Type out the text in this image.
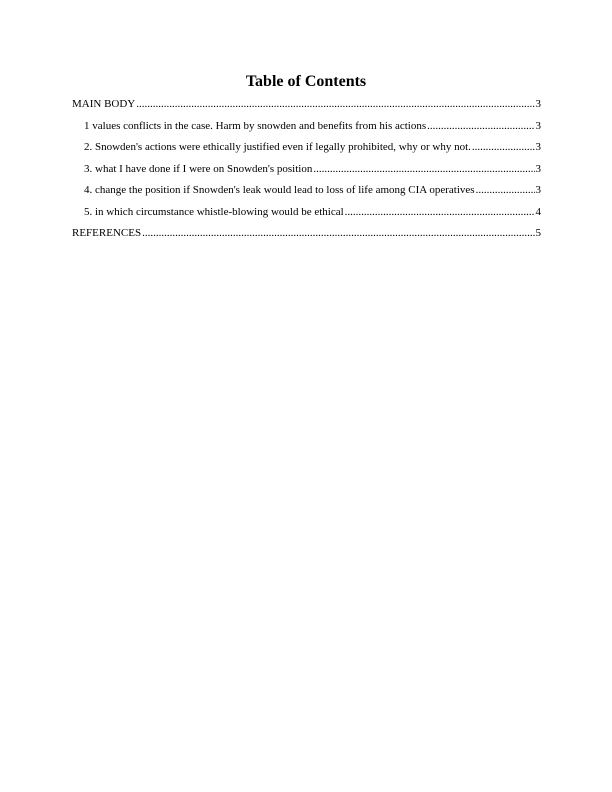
Table of Contents
MAIN BODY .....	3
1 values conflicts in the case. Harm by snowden and benefits from his actions .....	3
2. Snowden's actions were ethically justified even if legally prohibited, why or why not. .....	3
3. what I have done if I were on Snowden's position .....	3
4. change the position if Snowden's leak would lead to loss of life among CIA operatives .....	3
5. in which circumstance whistle-blowing would be ethical .....	4
REFERENCES .....	5
